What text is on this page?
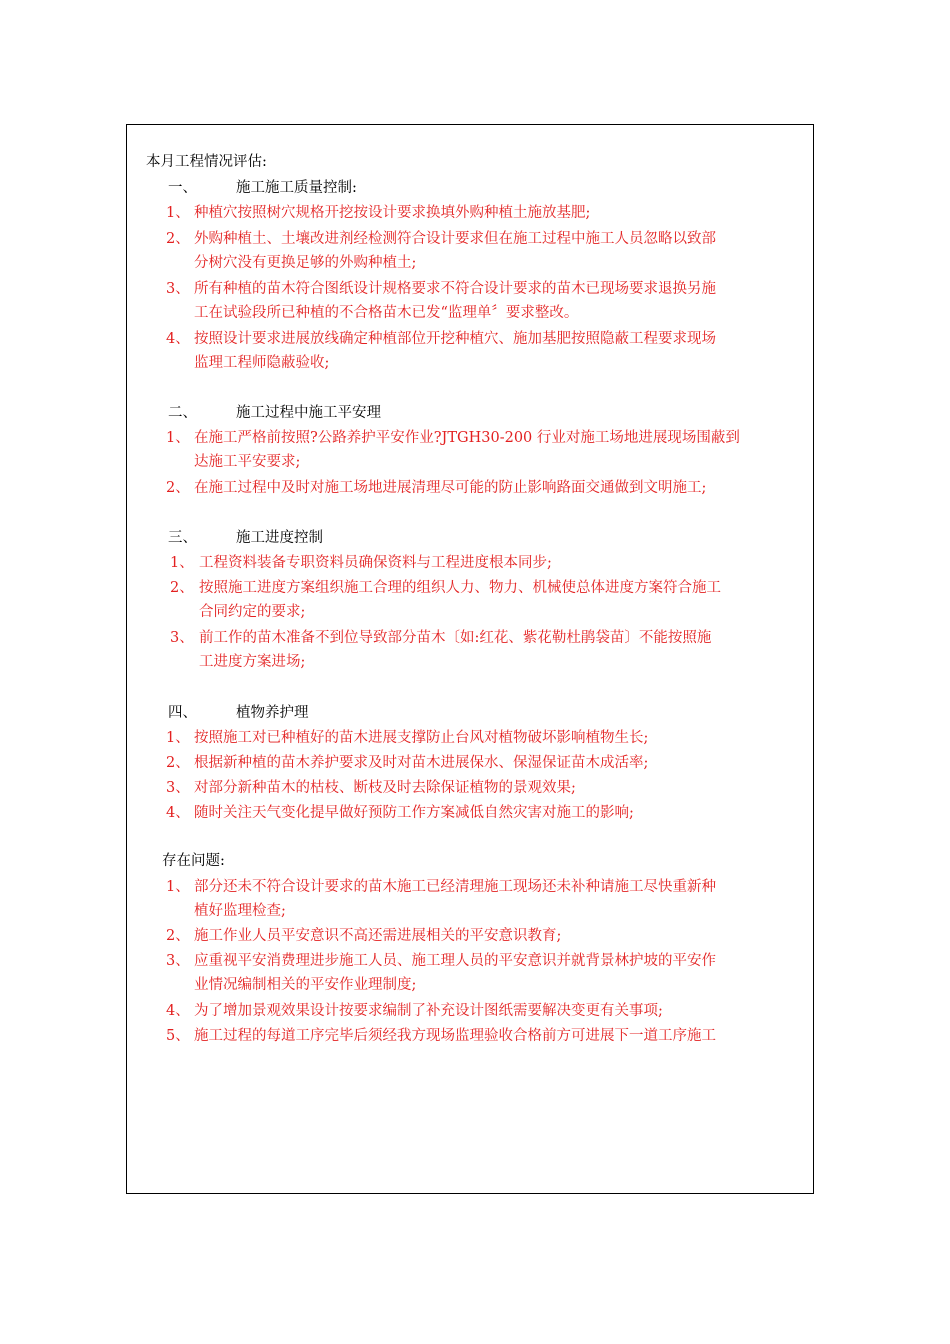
本月工程情况评估:
一、	施工施工质量控制:
1、 种植穴按照树穴规格开挖按设计要求换填外购种植土施放基肥;
2、 外购种植土、土壤改进剂经检测符合设计要求但在施工过程中施工人员忽略以致部
分树穴没有更换足够的外购种植土;
3、 所有种植的苗木符合图纸设计规格要求不符合设计要求的苗木已现场要求退换另施
工在试验段所已种植的不合格苗木已发“监理单〞要求整改。
4、 按照设计要求进展放线确定种植部位开挖种植穴、施加基肥按照隐蔽工程要求现场
监理工程师隐蔽验收;
二、	施工过程中施工平安理
1、 在施工严格前按照?公路养护平安作业?JTGH30-200 行业对施工场地进展现场围蔽到
达施工平安要求;
2、 在施工过程中及时对施工场地进展清理尽可能的防止影响路面交通做到文明施工;
三、	施工进度控制
1、 工程资料装备专职资料员确保资料与工程进度根本同步;
2、 按照施工进度方案组织施工合理的组织人力、物力、机械使总体进度方案符合施工
合同约定的要求;
3、 前工作的苗木准备不到位导致部分苗木〔如:红花、紫花勒杜鹃袋苗〕不能按照施
工进度方案进场;
四、	植物养护理
1、 按照施工对已种植好的苗木进展支撑防止台风对植物破坏影响植物生长;
2、 根据新种植的苗木养护要求及时对苗木进展保水、保湿保证苗木成活率;
3、 对部分新种苗木的枯枝、断枝及时去除保证植物的景观效果;
4、 随时关注天气变化提早做好预防工作方案减低自然灾害对施工的影响;
存在问题:
1、 部分还未不符合设计要求的苗木施工已经清理施工现场还未补种请施工尽快重新种
植好监理检查;
2、 施工作业人员平安意识不高还需进展相关的平安意识教育;
3、 应重视平安消费理进步施工人员、施工理人员的平安意识并就背景林护坡的平安作
业情况编制相关的平安作业理制度;
4、 为了增加景观效果设计按要求编制了补充设计图纸需要解决变更有关事项;
5、 施工过程的每道工序完毕后须经我方现场监理验收合格前方可进展下一道工序施工
